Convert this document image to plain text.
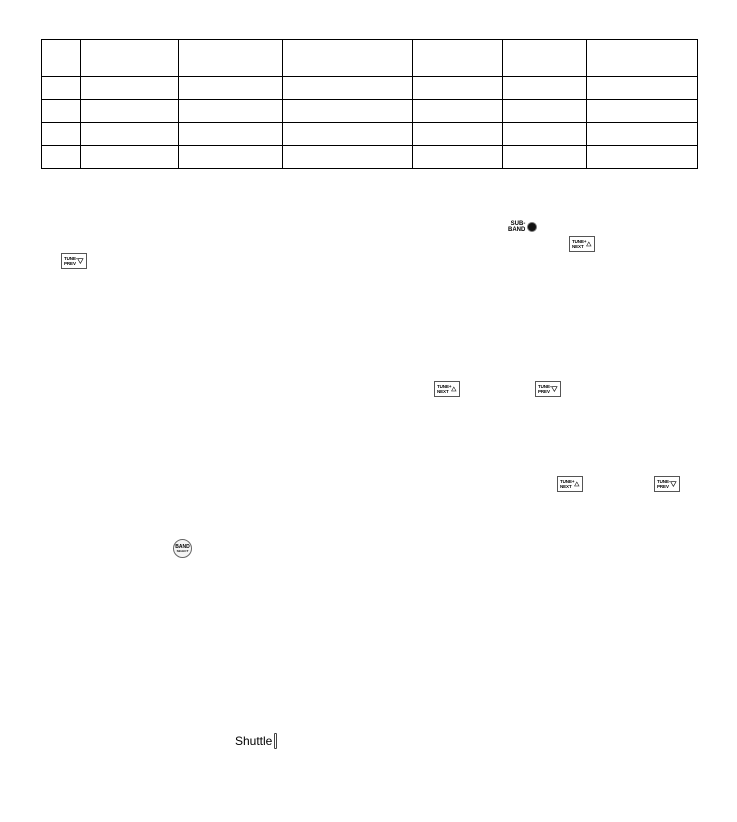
SUB-
BAND
TUNE+
NEXT
TUNE-
PREV
TUNE+
NEXT
TUNE-
PREV
TUNE+
NEXT
TUNE-
PREV
BAND
SELECT
Shuttle
